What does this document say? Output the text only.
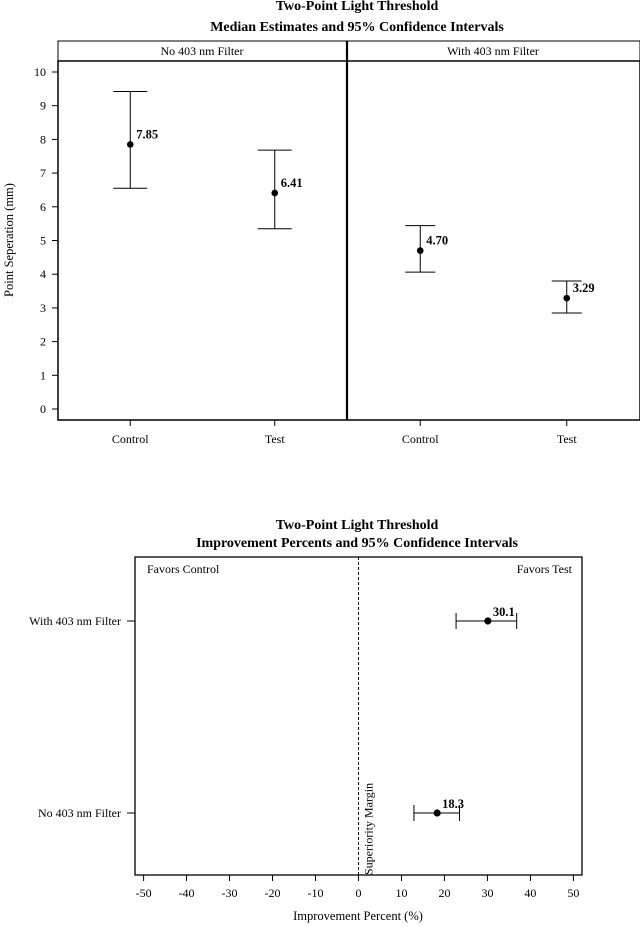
Two-Point Light Threshold
Median Estimates and 95% Confidence Intervals
No 403 nm Filter	With 403 nm Filter
0
1
2
3
4
5
6
7
8
9
10
Point Seperation (mm)
Control	Test	Control	Test
7.85
6.41
4.70
3.29
Two-Point Light Threshold
Improvement Percents and 95% Confidence Intervals
Favors Control	Favors Test
Superiority Margin
-50 -40 -30 -20 -10	0	10	20	30	40	50
Improvement Percent (%)
With 403 nm Filter
30.1
No 403 nm Filter
18.3
